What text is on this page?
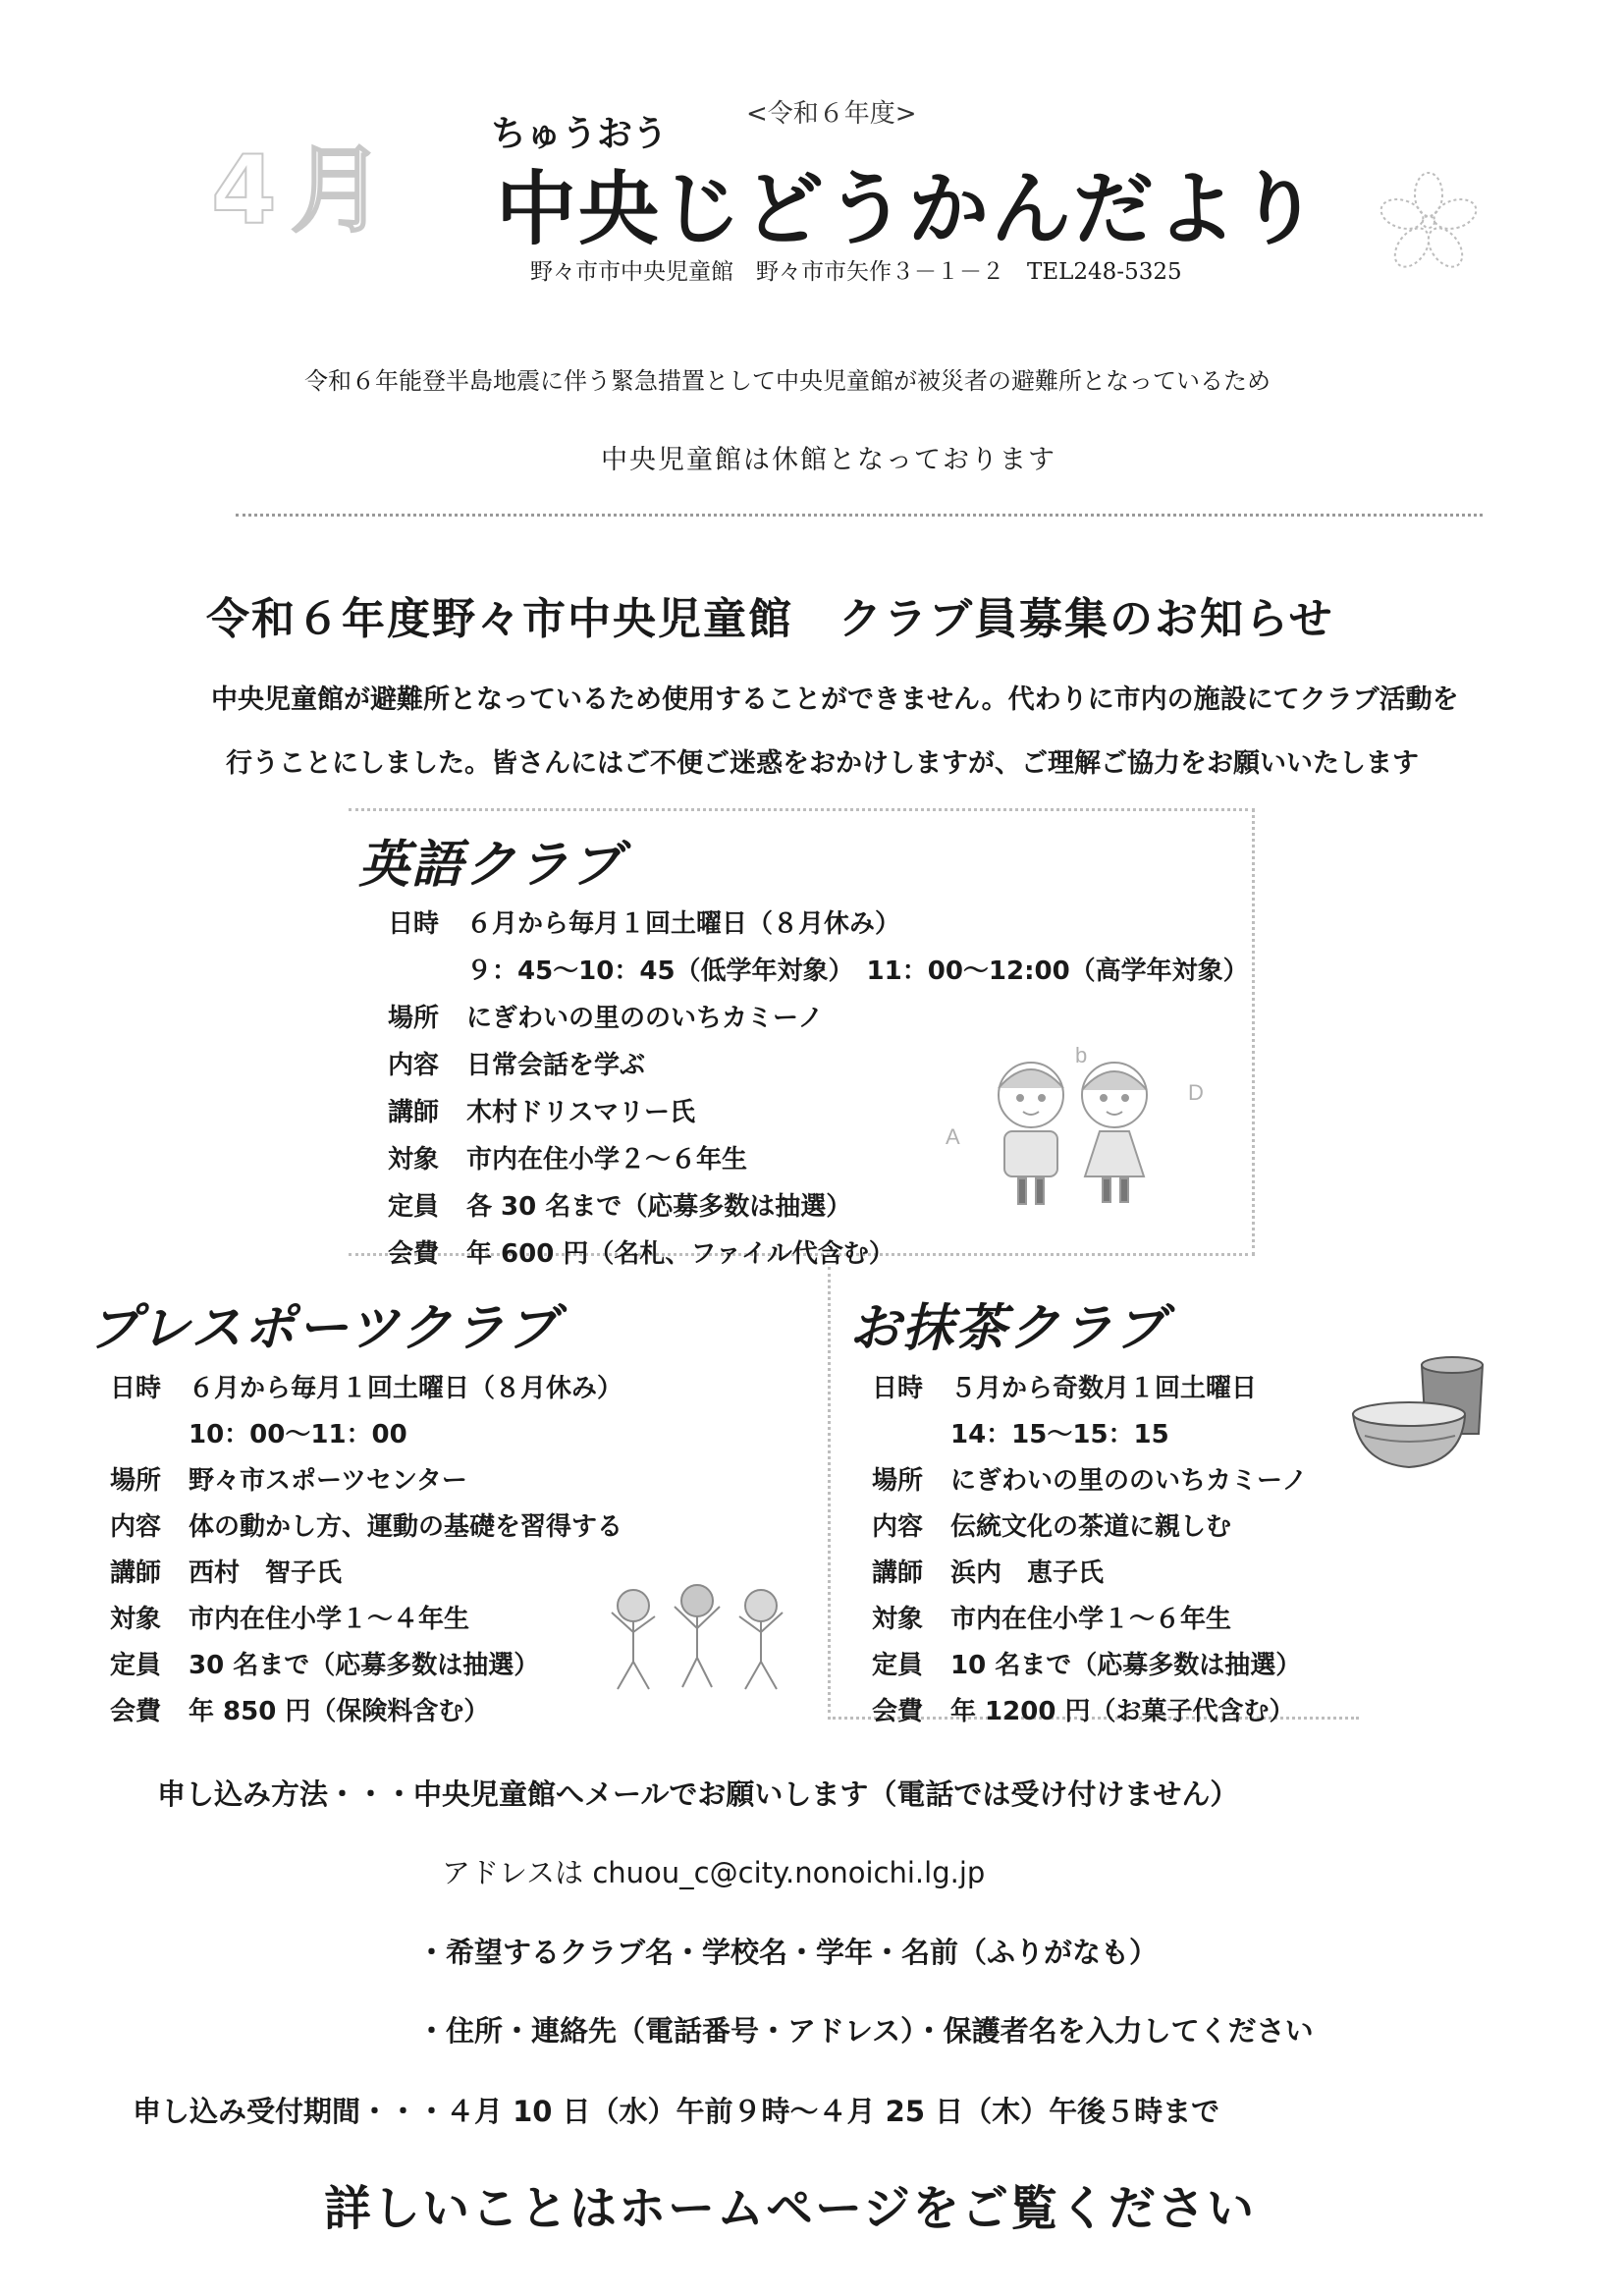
4月
<令和６年度>
ちゅうおう
中央じどうかんだより
野々市市中央児童館　野々市市矢作３－１－２　TEL248-5325
令和６年能登半島地震に伴う緊急措置として中央児童館が被災者の避難所となっているため
中央児童館は休館となっております
令和６年度野々市中央児童館　クラブ員募集のお知らせ
中央児童館が避難所となっているため使用することができません。代わりに市内の施設にてクラブ活動を
行うことにしました。皆さんにはご不便ご迷惑をおかけしますが、ご理解ご協力をお願いいたします
英語クラブ
日時 ６月から毎月１回土曜日（８月休み）
９：45～10：45（低学年対象）　11：00～12:00（高学年対象）
場所 にぎわいの里ののいちカミーノ
内容 日常会話を学ぶ
講師 木村ドリスマリー氏
対象 市内在住小学２～６年生
定員 各 30 名まで（応募多数は抽選）
会費 年 600 円（名札、ファイル代含む）
A
b
D
プレスポーツクラブ
日時 ６月から毎月１回土曜日（８月休み）
10：00～11：00
場所 野々市スポーツセンター
内容 体の動かし方、運動の基礎を習得する
講師 西村　智子氏
対象 市内在住小学１～４年生
定員 30 名まで（応募多数は抽選）
会費 年 850 円（保険料含む）
お抹茶クラブ
日時 ５月から奇数月１回土曜日
14：15～15：15
場所 にぎわいの里ののいちカミーノ
内容 伝統文化の茶道に親しむ
講師 浜内　恵子氏
対象 市内在住小学１～６年生
定員 10 名まで（応募多数は抽選）
会費 年 1200 円（お菓子代含む）
申し込み方法・・・中央児童館へメールでお願いします（電話では受け付けません）
アドレスは chuou_c@city.nonoichi.lg.jp
・希望するクラブ名・学校名・学年・名前（ふりがなも）
・住所・連絡先（電話番号・アドレス）・保護者名を入力してください
申し込み受付期間・・・４月 10 日（水）午前９時～４月 25 日（木）午後５時まで
詳しいことはホームページをご覧ください
